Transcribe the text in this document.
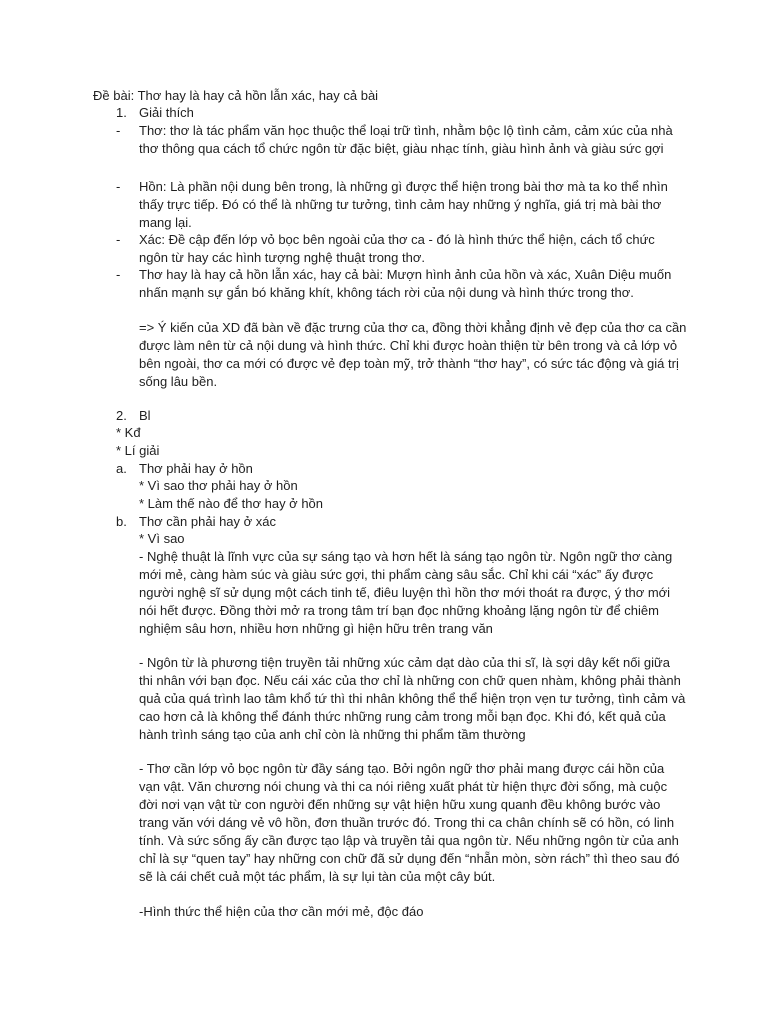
Đề bài: Thơ hay là hay cả hồn lẫn xác, hay cả bài
1. Giải thích
- Thơ: thơ là tác phẩm văn học thuộc thể loại trữ tình, nhằm bộc lộ tình cảm, cảm xúc của nhà thơ thông qua cách tổ chức ngôn từ đặc biệt, giàu nhạc tính, giàu hình ảnh và giàu sức gợi
- Hồn: Là phần nội dung bên trong, là những gì được thể hiện trong bài thơ mà ta ko thể nhìn thấy trực tiếp. Đó có thể là những tư tưởng, tình cảm hay những ý nghĩa, giá trị mà bài thơ mang lại.
- Xác: Đề cập đến lớp vỏ bọc bên ngoài của thơ ca - đó là hình thức thể hiện, cách tổ chức ngôn từ hay các hình tượng nghệ thuật trong thơ.
- Thơ hay là hay cả hồn lẫn xác, hay cả bài: Mượn hình ảnh của hồn và xác, Xuân Diệu muốn nhấn mạnh sự gắn bó khăng khít, không tách rời của nội dung và hình thức trong thơ.
=> Ý kiến của XD đã bàn về đặc trưng của thơ ca, đồng thời khẳng định vẻ đẹp của thơ ca cần được làm nên từ cả nội dung và hình thức. Chỉ khi được hoàn thiện từ bên trong và cả lớp vỏ bên ngoài, thơ ca mới có được vẻ đẹp toàn mỹ, trở thành “thơ hay”, có sức tác động và giá trị sống lâu bền.
2. Bl
* Kđ
* Lí giải
a. Thơ phải hay ở hồn
* Vì sao thơ phải hay ở hồn
* Làm thế nào để thơ hay ở hồn
b. Thơ cần phải hay ở xác
* Vì sao
- Nghệ thuật là lĩnh vực của sự sáng tạo và hơn hết là sáng tạo ngôn từ. Ngôn ngữ thơ càng mới mẻ, càng hàm súc và giàu sức gợi, thi phẩm càng sâu sắc. Chỉ khi cái “xác” ấy được người nghệ sĩ sử dụng một cách tinh tế, điêu luyện thì hồn thơ mới thoát ra được, ý thơ mới nói hết được. Đồng thời mở ra trong tâm trí bạn đọc những khoảng lặng ngôn từ để chiêm nghiệm sâu hơn, nhiều hơn những gì hiện hữu trên trang văn
- Ngôn từ là phương tiện truyền tải những xúc cảm dạt dào của thi sĩ, là sợi dây kết nối giữa thi nhân với bạn đọc. Nếu cái xác của thơ chỉ là những con chữ quen nhàm, không phải thành quả của quá trình lao tâm khổ tứ thì thi nhân không thể thể hiện trọn vẹn tư tưởng, tình cảm và cao hơn cả là không thể đánh thức những rung cảm trong mỗi bạn đọc. Khi đó, kết quả của hành trình sáng tạo của anh chỉ còn là những thi phẩm tầm thường
- Thơ cần lớp vỏ bọc ngôn từ đầy sáng tạo. Bởi ngôn ngữ thơ phải mang được cái hồn của vạn vật. Văn chương nói chung và thi ca nói riêng xuất phát từ hiện thực đời sống, mà cuộc đời nơi vạn vật từ con người đến những sự vật hiện hữu xung quanh đều không bước vào trang văn với dáng vẻ vô hồn, đơn thuần trước đó. Trong thi ca chân chính sẽ có hồn, có linh tính. Và sức sống ấy cần được tạo lập và truyền tải qua ngôn từ. Nếu những ngôn từ của anh chỉ là sự “quen tay” hay những con chữ đã sử dụng đến “nhẵn mòn, sờn rách” thì theo sau đó sẽ là cái chết cuả một tác phẩm, là sự lụi tàn của một cây bút.
-Hình thức thể hiện của thơ cần mới mẻ, độc đáo
